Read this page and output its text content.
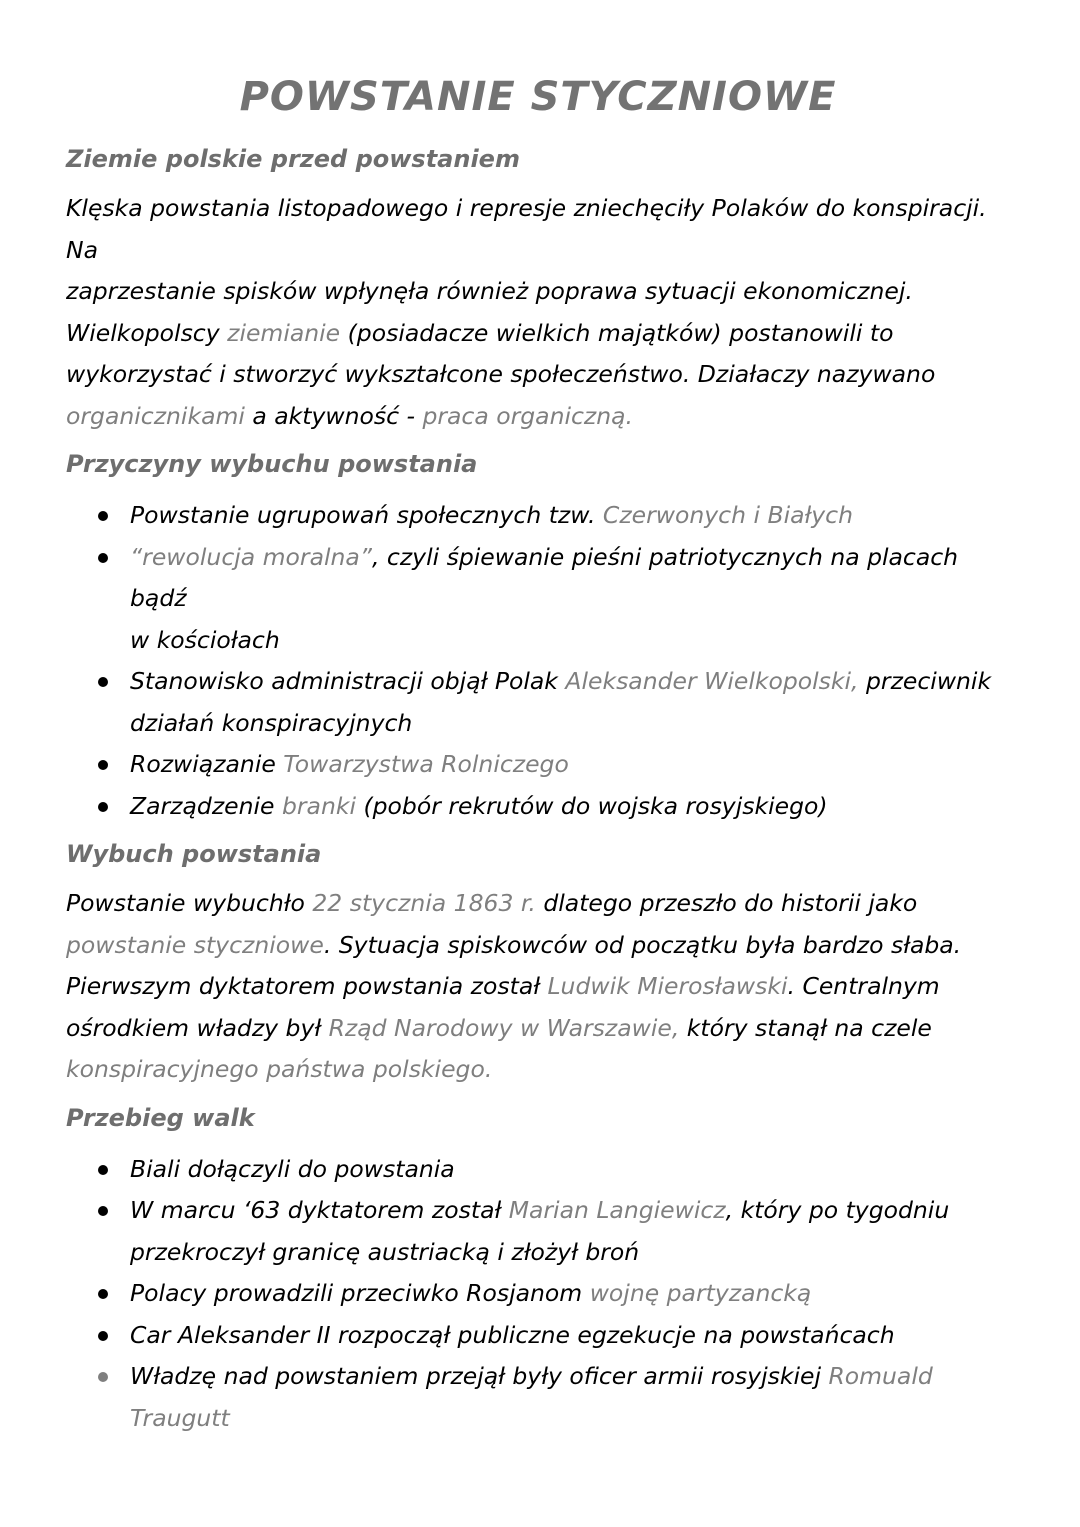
POWSTANIE STYCZNIOWE
Ziemie polskie przed powstaniem
Klęska powstania listopadowego i represje zniechęciły Polaków do konspiracji. Na
zaprzestanie spisków wpłynęła również poprawa sytuacji ekonomicznej.
Wielkopolscy ziemianie (posiadacze wielkich majątków) postanowili to
wykorzystać i stworzyć wykształcone społeczeństwo. Działaczy nazywano
organicznikami a aktywność - praca organiczną.
Przyczyny wybuchu powstania
Powstanie ugrupowań społecznych tzw. Czerwonych i Białych
“rewolucja moralna”, czyli śpiewanie pieśni patriotycznych na placach bądź
w kościołach
Stanowisko administracji objął Polak Aleksander Wielkopolski, przeciwnik
działań konspiracyjnych
Rozwiązanie Towarzystwa Rolniczego
Zarządzenie branki (pobór rekrutów do wojska rosyjskiego)
Wybuch powstania
Powstanie wybuchło 22 stycznia 1863 r. dlatego przeszło do historii jako
powstanie styczniowe. Sytuacja spiskowców od początku była bardzo słaba.
Pierwszym dyktatorem powstania został Ludwik Mierosławski. Centralnym
ośrodkiem władzy był Rząd Narodowy w Warszawie, który stanął na czele
konspiracyjnego państwa polskiego.
Przebieg walk
Biali dołączyli do powstania
W marcu ‘63 dyktatorem został Marian Langiewicz, który po tygodniu
przekroczył granicę austriacką i złożył broń
Polacy prowadzili przeciwko Rosjanom wojnę partyzancką
Car Aleksander II rozpoczął publiczne egzekucje na powstańcach
Władzę nad powstaniem przejął były oficer armii rosyjskiej Romuald
Traugutt
